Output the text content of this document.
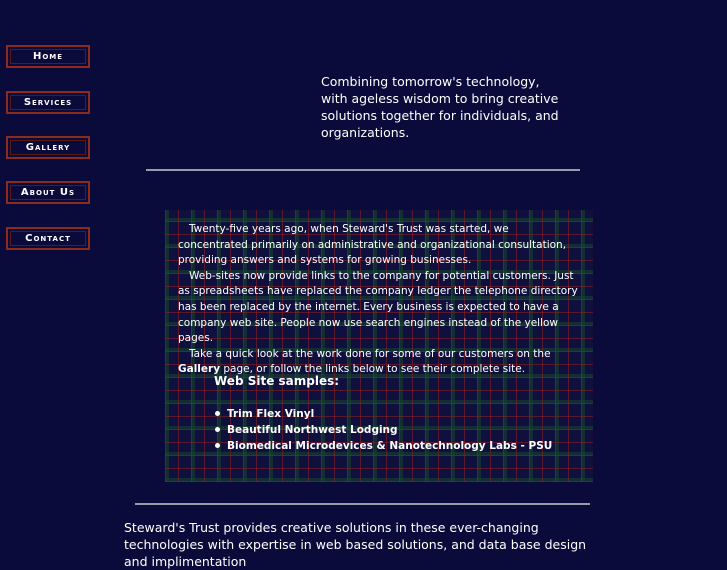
Home
Services
Gallery
About Us
Contact
Combining tomorrow's technology, with ageless wisdom to bring creative solutions together for individuals, and organizations.

Twenty-five years ago, when Steward's Trust was started, we concentrated primarily on administrative and organizational consultation, providing answers and systems for growing businesses.

Web-sites now provide links to the company for potential customers. Just as spreadsheets have replaced the company ledger the telephone directory has been replaced by the internet. Every business is expected to have a company web site. People now use search engines instead of the yellow pages.

Take a quick look at the work done for some of our customers on the Gallery page, or follow the links below to see their complete site.

Web Site samples:
Trim Flex Vinyl
Beautiful Northwest Lodging
Biomedical Microdevices & Nanotechnology Labs - PSU
Steward's Trust provides creative solutions in these ever-changing technologies with expertise in web based solutions, and data base design and implimentation
